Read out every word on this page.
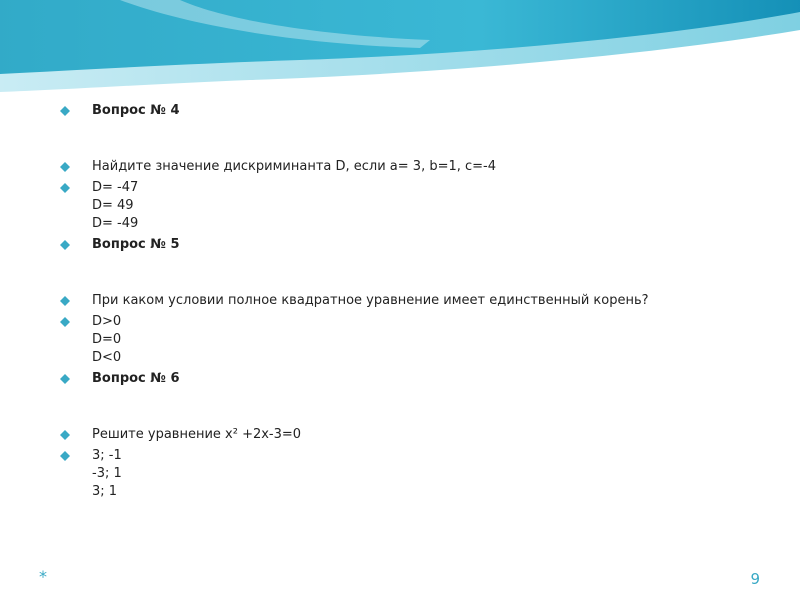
Вопрос № 4
Найдите значение дискриминанта D, если a= 3, b=1, c=-4
D= -47
D= 49
D= -49
Вопрос № 5
При каком условии полное квадратное уравнение имеет единственный корень?
D>0
D=0
D<0
Вопрос № 6
Решите уравнение x² +2x-3=0
3; -1
-3; 1
3; 1
*	9
